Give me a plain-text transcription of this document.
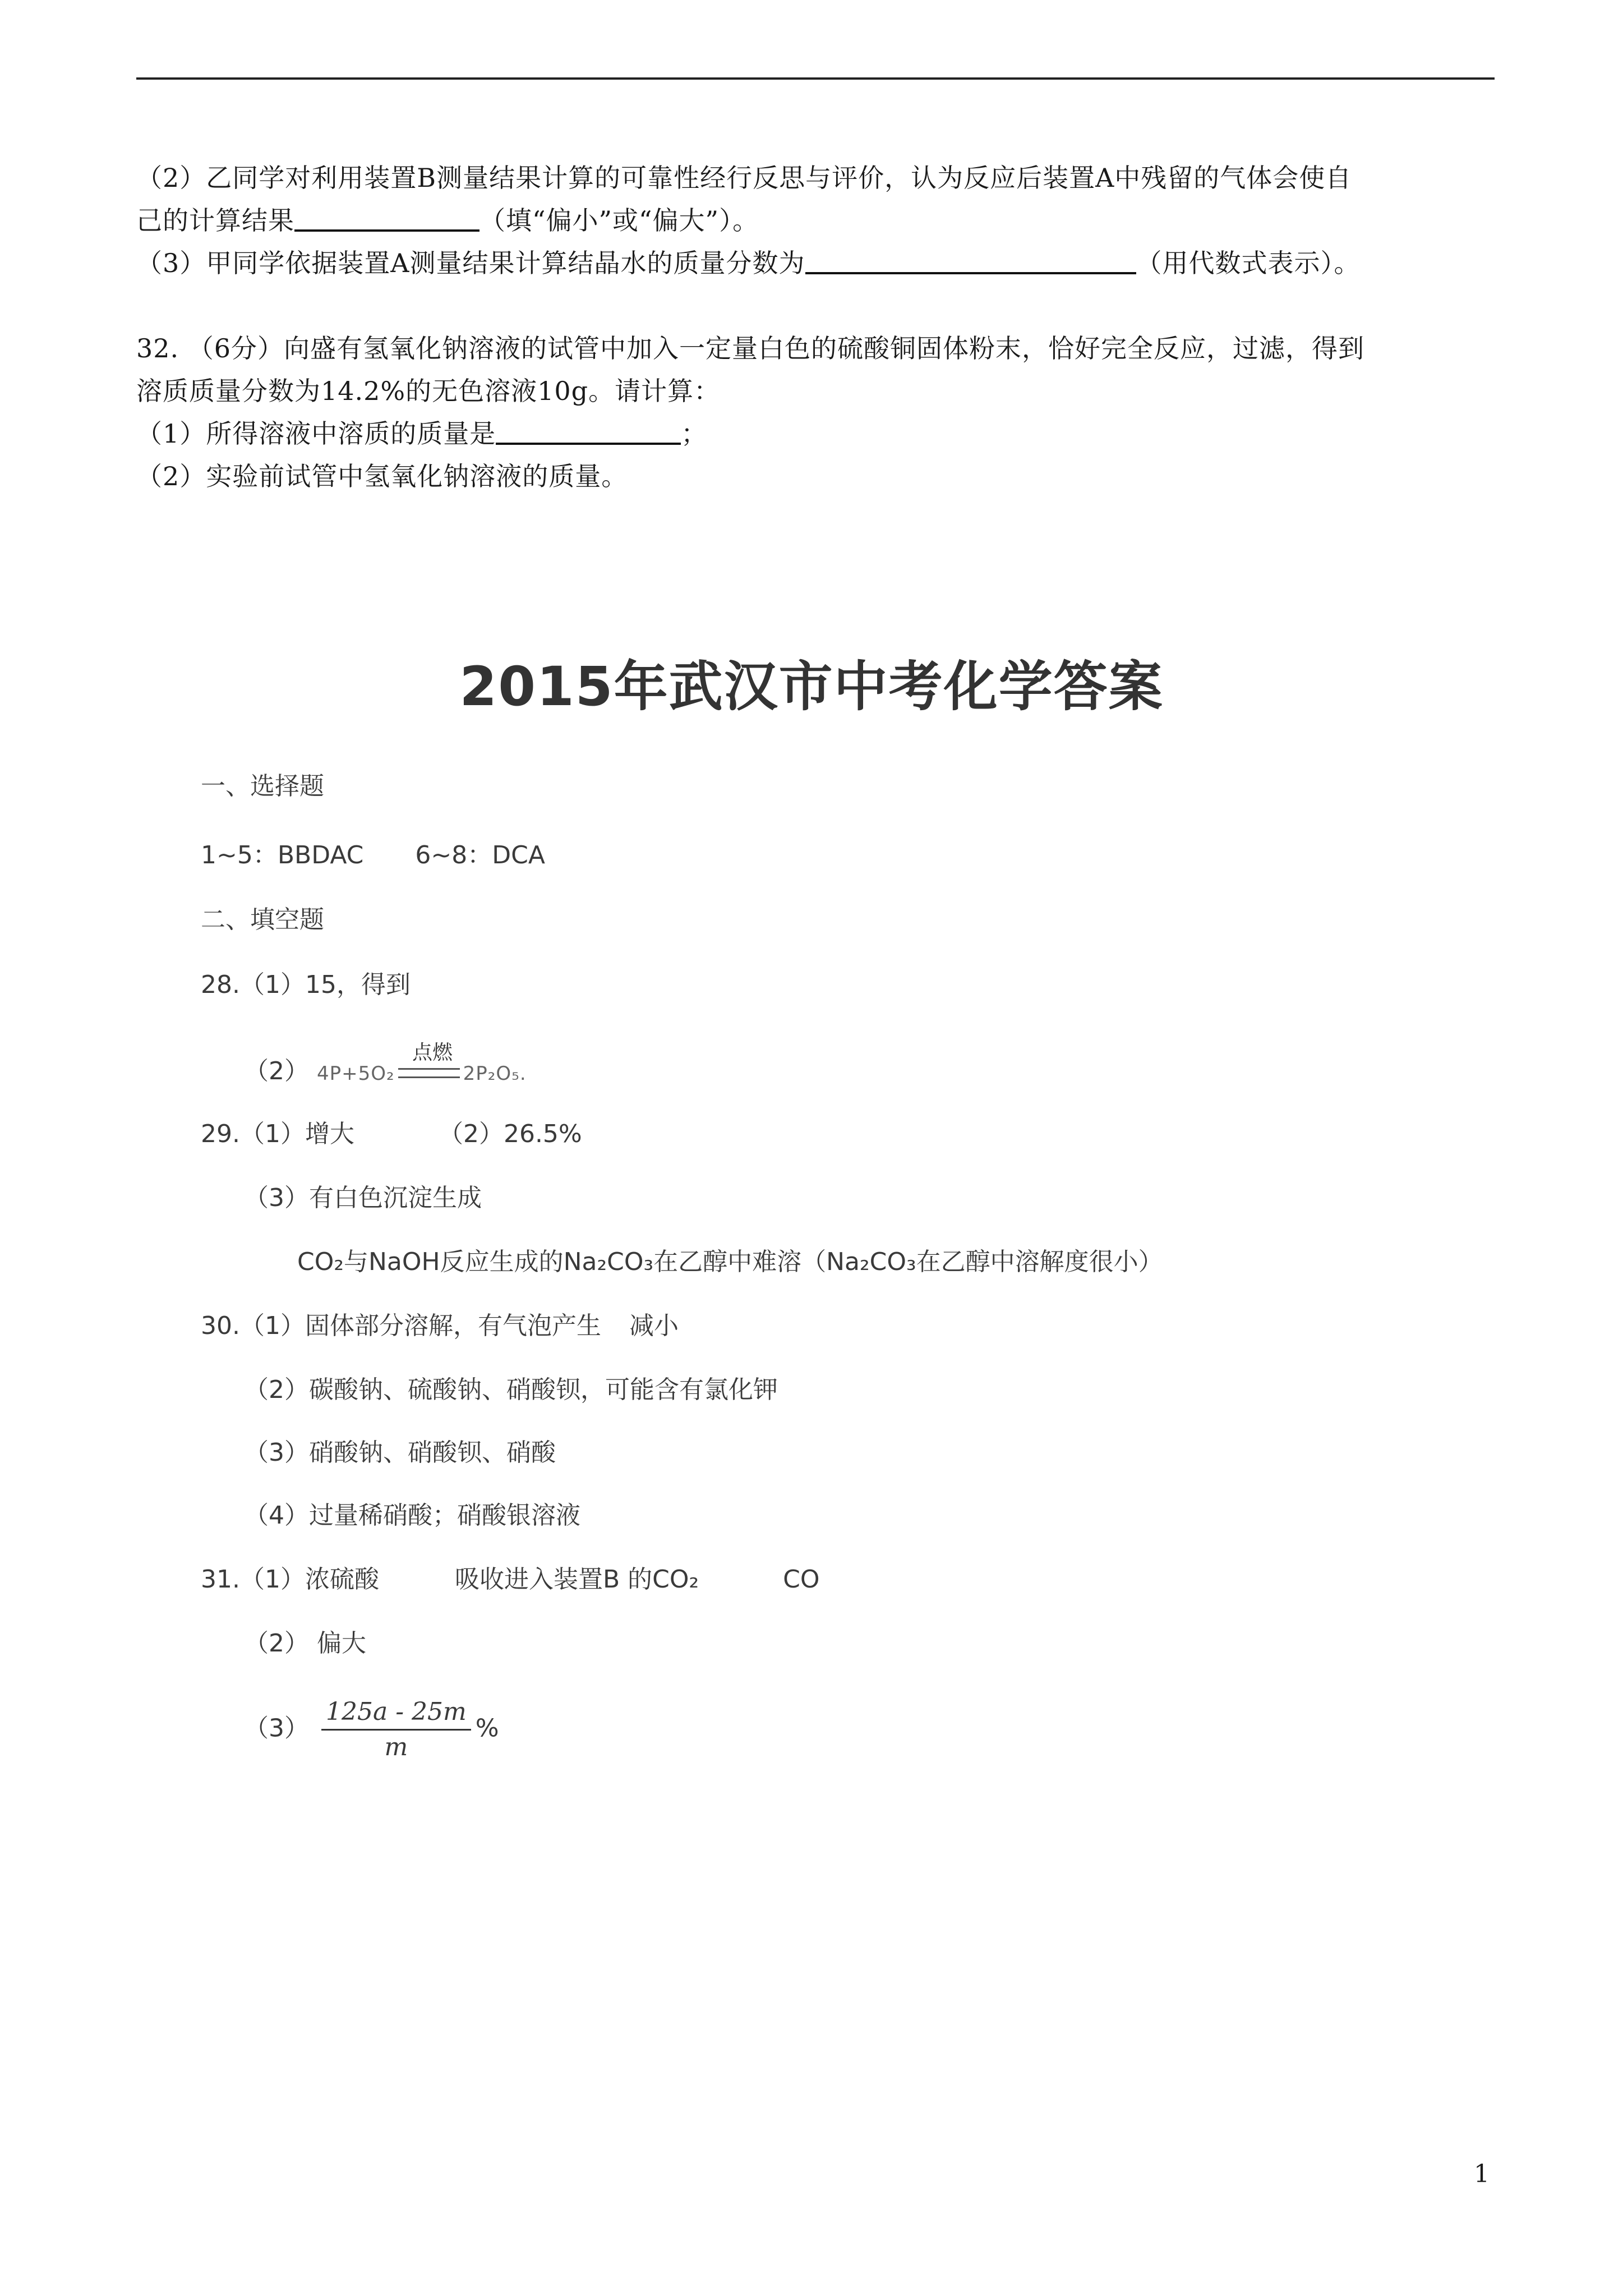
（2）乙同学对利用装置B测量结果计算的可靠性经行反思与评价，认为反应后装置A中残留的气体会使自
己的计算结果	（填“偏小”或“偏大”）。
（3）甲同学依据装置A测量结果计算结晶水的质量分数为	（用代数式表示）。
32. （6分）向盛有氢氧化钠溶液的试管中加入一定量白色的硫酸铜固体粉末，恰好完全反应，过滤，得到
溶质质量分数为14.2%的无色溶液10g。请计算：
（1）所得溶液中溶质的质量是	；
（2）实验前试管中氢氧化钠溶液的质量。
2015年武汉市中考化学答案
一、选择题
1~5：BBDAC 6~8：DCA
二、填空题
28.（1）15，得到
（2）
点燃
4P+5O₂	2P₂O₅.
29.（1）增大	（2）26.5%
（3）有白色沉淀生成
CO₂与NaOH反应生成的Na₂CO₃在乙醇中难溶（Na₂CO₃在乙醇中溶解度很小）
30.（1）固体部分溶解，有气泡产生 减小
（2）碳酸钠、硫酸钠、硝酸钡，可能含有氯化钾
（3）硝酸钠、硝酸钡、硝酸
（4）过量稀硝酸；硝酸银溶液
31.（1）浓硫酸	吸收进入装置B 的CO₂	CO
（2） 偏大
$(3) \frac{125a - 25m}{m}$ %
1
